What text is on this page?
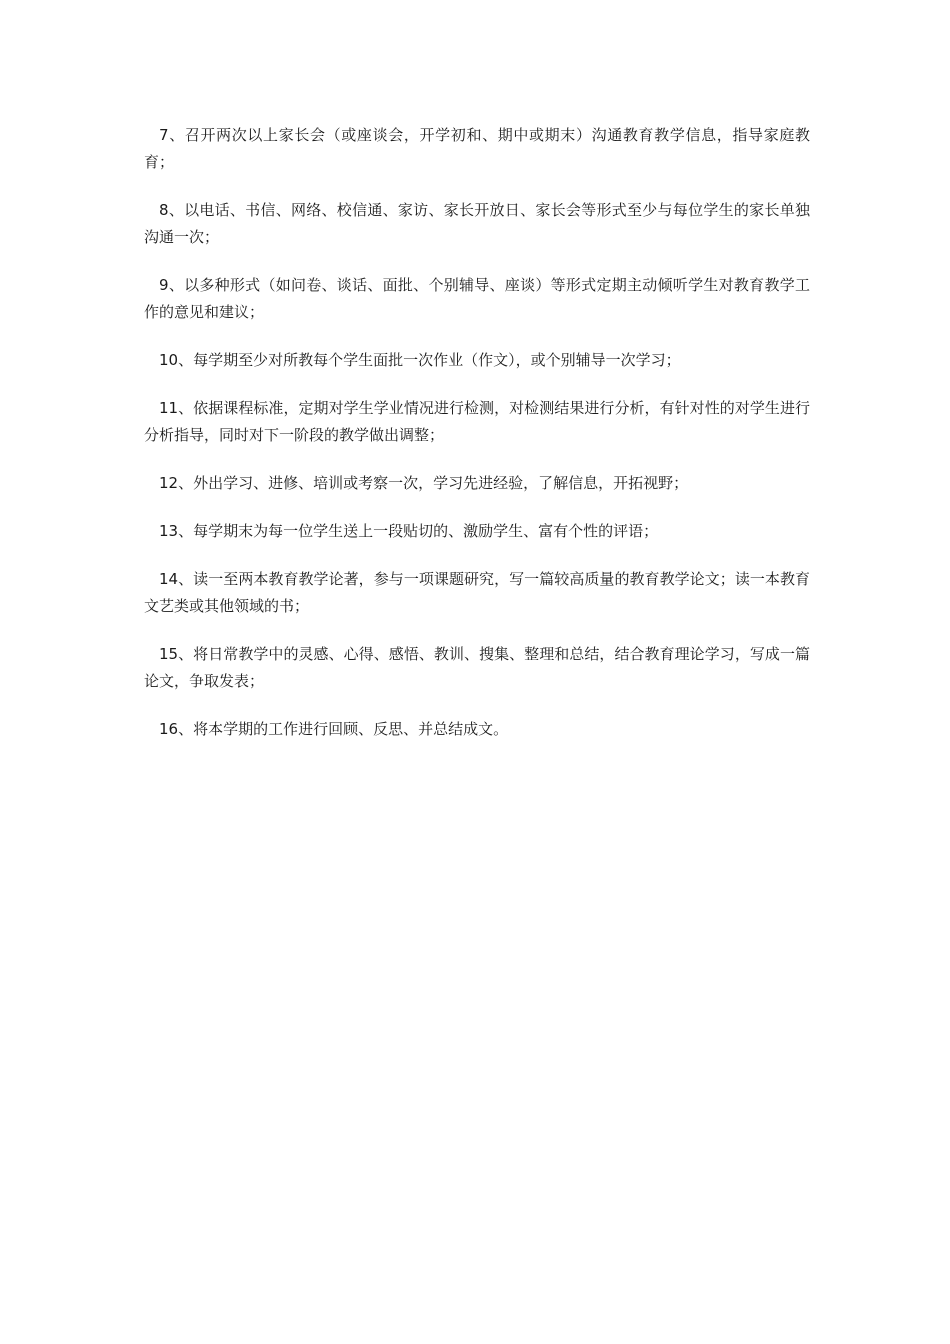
7、召开两次以上家长会（或座谈会，开学初和、期中或期末）沟通教育教学信息，指导家庭教育；

8、以电话、书信、网络、校信通、家访、家长开放日、家长会等形式至少与每位学生的家长单独沟通一次；

9、以多种形式（如问卷、谈话、面批、个别辅导、座谈）等形式定期主动倾听学生对教育教学工作的意见和建议；

10、每学期至少对所教每个学生面批一次作业（作文），或个别辅导一次学习；

11、依据课程标准，定期对学生学业情况进行检测，对检测结果进行分析，有针对性的对学生进行分析指导，同时对下一阶段的教学做出调整；

12、外出学习、进修、培训或考察一次，学习先进经验，了解信息，开拓视野；

13、每学期末为每一位学生送上一段贴切的、激励学生、富有个性的评语；

14、读一至两本教育教学论著，参与一项课题研究，写一篇较高质量的教育教学论文；读一本教育文艺类或其他领域的书；

15、将日常教学中的灵感、心得、感悟、教训、搜集、整理和总结，结合教育理论学习，写成一篇论文，争取发表；

16、将本学期的工作进行回顾、反思、并总结成文。
